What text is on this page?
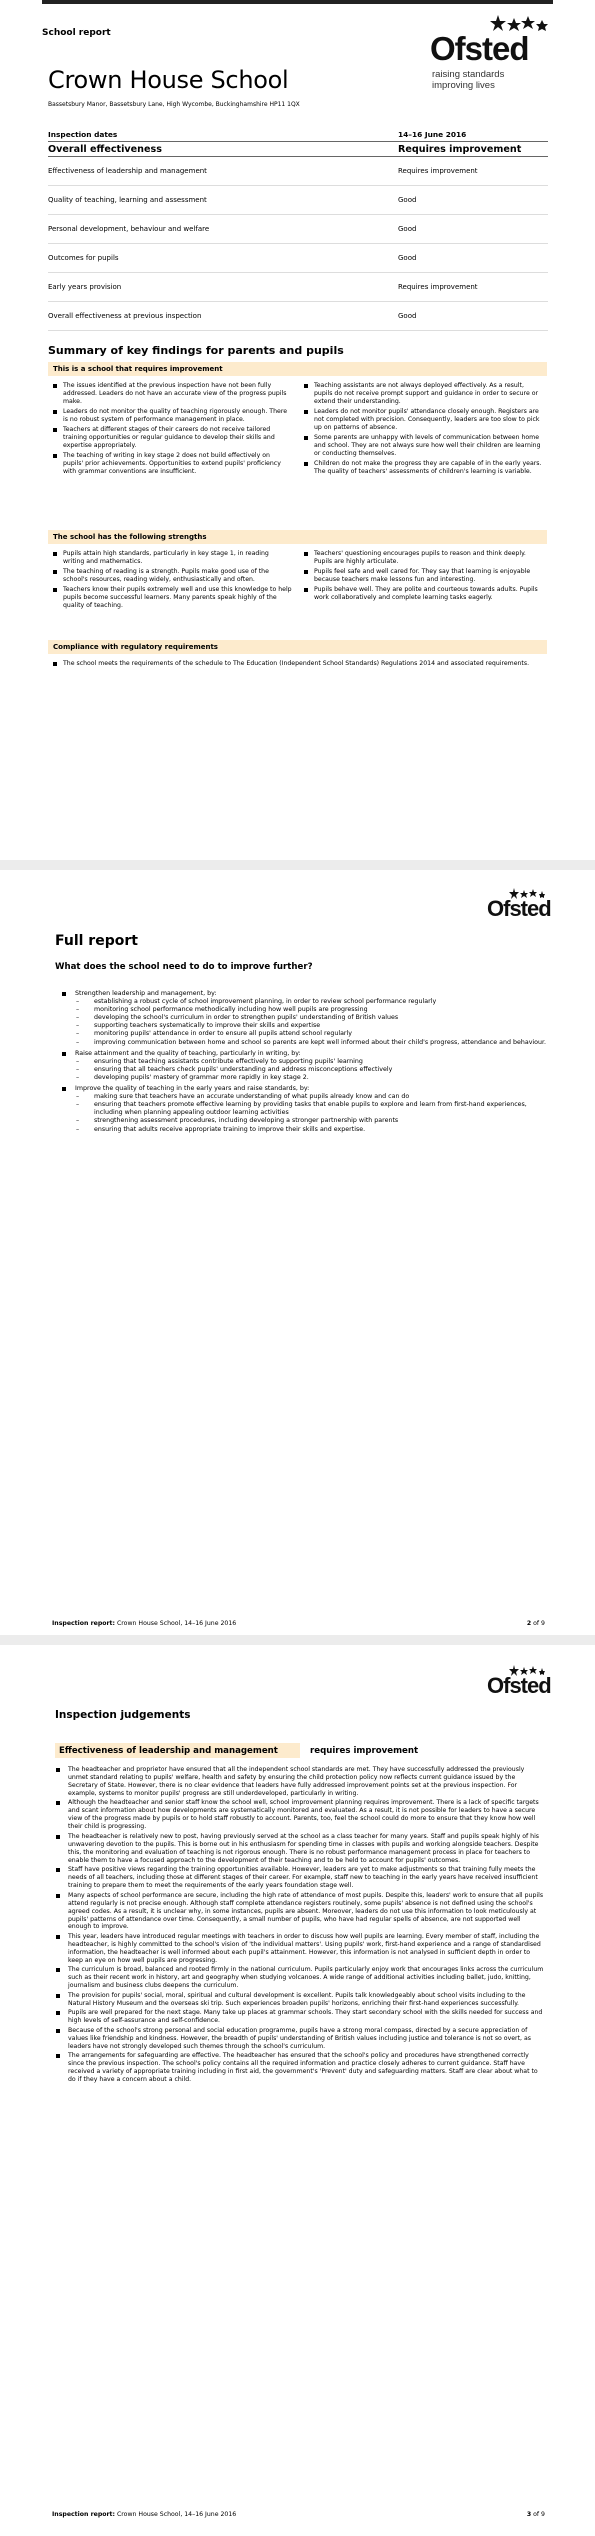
School report	Ofsted
raising standards
improving lives
Crown House School
Bassetsbury Manor, Bassetsbury Lane, High Wycombe, Buckinghamshire HP11 1QX
Inspection dates	14–16 June 2016
Overall effectiveness	Requires improvement
Effectiveness of leadership and management	Requires improvement
Quality of teaching, learning and assessment	Good
Personal development, behaviour and welfare	Good
Outcomes for pupils	Good
Early years provision	Requires improvement
Overall effectiveness at previous inspection	Good
Summary of key findings for parents and pupils
This is a school that requires improvement
The issues identified at the previous inspection have not been fully addressed. Leaders do not have an accurate view of the progress pupils make.
Leaders do not monitor the quality of teaching rigorously enough. There is no robust system of performance management in place.
Teachers at different stages of their careers do not receive tailored training opportunities or regular guidance to develop their skills and expertise appropriately.
The teaching of writing in key stage 2 does not build effectively on pupils' prior achievements. Opportunities to extend pupils' proficiency with grammar conventions are insufficient.
Teaching assistants are not always deployed effectively. As a result, pupils do not receive prompt support and guidance in order to secure or extend their understanding.
Leaders do not monitor pupils' attendance closely enough. Registers are not completed with precision. Consequently, leaders are too slow to pick up on patterns of absence.
Some parents are unhappy with levels of communication between home and school. They are not always sure how well their children are learning or conducting themselves.
Children do not make the progress they are capable of in the early years. The quality of teachers' assessments of children's learning is variable.
The school has the following strengths
Pupils attain high standards, particularly in key stage 1, in reading writing and mathematics.
The teaching of reading is a strength. Pupils make good use of the school's resources, reading widely, enthusiastically and often.
Teachers know their pupils extremely well and use this knowledge to help pupils become successful learners. Many parents speak highly of the quality of teaching.
Teachers' questioning encourages pupils to reason and think deeply. Pupils are highly articulate.
Pupils feel safe and well cared for. They say that learning is enjoyable because teachers make lessons fun and interesting.
Pupils behave well. They are polite and courteous towards adults. Pupils work collaboratively and complete learning tasks eagerly.
Compliance with regulatory requirements
The school meets the requirements of the schedule to The Education (Independent School Standards) Regulations 2014 and associated requirements.
Ofsted
Full report
What does the school need to do to improve further?
Strengthen leadership and management, by:
– establishing a robust cycle of school improvement planning, in order to review school performance regularly
– monitoring school performance methodically including how well pupils are progressing
– developing the school's curriculum in order to strengthen pupils' understanding of British values
– supporting teachers systematically to improve their skills and expertise
– monitoring pupils' attendance in order to ensure all pupils attend school regularly
– improving communication between home and school so parents are kept well informed about their child's progress, attendance and behaviour.
Raise attainment and the quality of teaching, particularly in writing, by:
– ensuring that teaching assistants contribute effectively to supporting pupils' learning
– ensuring that all teachers check pupils' understanding and address misconceptions effectively
– developing pupils' mastery of grammar more rapidly in key stage 2.
Improve the quality of teaching in the early years and raise standards, by:
– making sure that teachers have an accurate understanding of what pupils already know and can do
– ensuring that teachers promote effective learning by providing tasks that enable pupils to explore and learn from first-hand experiences, including when planning appealing outdoor learning activities
– strengthening assessment procedures, including developing a stronger partnership with parents
– ensuring that adults receive appropriate training to improve their skills and expertise.
Inspection report: Crown House School, 14–16 June 2016	2 of 9
Ofsted
Inspection judgements
Effectiveness of leadership and management	requires improvement
The headteacher and proprietor have ensured that all the independent school standards are met. They have successfully addressed the previously unmet standard relating to pupils' welfare, health and safety by ensuring the child protection policy now reflects current guidance issued by the Secretary of State. However, there is no clear evidence that leaders have fully addressed improvement points set at the previous inspection. For example, systems to monitor pupils' progress are still underdeveloped, particularly in writing.
Although the headteacher and senior staff know the school well, school improvement planning requires improvement. There is a lack of specific targets and scant information about how developments are systematically monitored and evaluated. As a result, it is not possible for leaders to have a secure view of the progress made by pupils or to hold staff robustly to account. Parents, too, feel the school could do more to ensure that they know how well their child is progressing.
The headteacher is relatively new to post, having previously served at the school as a class teacher for many years. Staff and pupils speak highly of his unwavering devotion to the pupils. This is borne out in his enthusiasm for spending time in classes with pupils and working alongside teachers. Despite this, the monitoring and evaluation of teaching is not rigorous enough. There is no robust performance management process in place for teachers to enable them to have a focused approach to the development of their teaching and to be held to account for pupils' outcomes.
Staff have positive views regarding the training opportunities available. However, leaders are yet to make adjustments so that training fully meets the needs of all teachers, including those at different stages of their career. For example, staff new to teaching in the early years have received insufficient training to prepare them to meet the requirements of the early years foundation stage well.
Many aspects of school performance are secure, including the high rate of attendance of most pupils. Despite this, leaders' work to ensure that all pupils attend regularly is not precise enough. Although staff complete attendance registers routinely, some pupils' absence is not defined using the school's agreed codes. As a result, it is unclear why, in some instances, pupils are absent. Moreover, leaders do not use this information to look meticulously at pupils' patterns of attendance over time. Consequently, a small number of pupils, who have had regular spells of absence, are not supported well enough to improve.
This year, leaders have introduced regular meetings with teachers in order to discuss how well pupils are learning. Every member of staff, including the headteacher, is highly committed to the school's vision of 'the individual matters'. Using pupils' work, first-hand experience and a range of standardised information, the headteacher is well informed about each pupil's attainment. However, this information is not analysed in sufficient depth in order to keep an eye on how well pupils are progressing.
The curriculum is broad, balanced and rooted firmly in the national curriculum. Pupils particularly enjoy work that encourages links across the curriculum such as their recent work in history, art and geography when studying volcanoes. A wide range of additional activities including ballet, judo, knitting, journalism and business clubs deepens the curriculum.
The provision for pupils' social, moral, spiritual and cultural development is excellent. Pupils talk knowledgeably about school visits including to the Natural History Museum and the overseas ski trip. Such experiences broaden pupils' horizons, enriching their first-hand experiences successfully.
Pupils are well prepared for the next stage. Many take up places at grammar schools. They start secondary school with the skills needed for success and high levels of self-assurance and self-confidence.
Because of the school's strong personal and social education programme, pupils have a strong moral compass, directed by a secure appreciation of values like friendship and kindness. However, the breadth of pupils' understanding of British values including justice and tolerance is not so overt, as leaders have not strongly developed such themes through the school's curriculum.
The arrangements for safeguarding are effective. The headteacher has ensured that the school's policy and procedures have strengthened correctly since the previous inspection. The school's policy contains all the required information and practice closely adheres to current guidance. Staff have received a variety of appropriate training including in first aid, the government's 'Prevent' duty and safeguarding matters. Staff are clear about what to do if they have a concern about a child.
Inspection report: Crown House School, 14–16 June 2016	3 of 9
